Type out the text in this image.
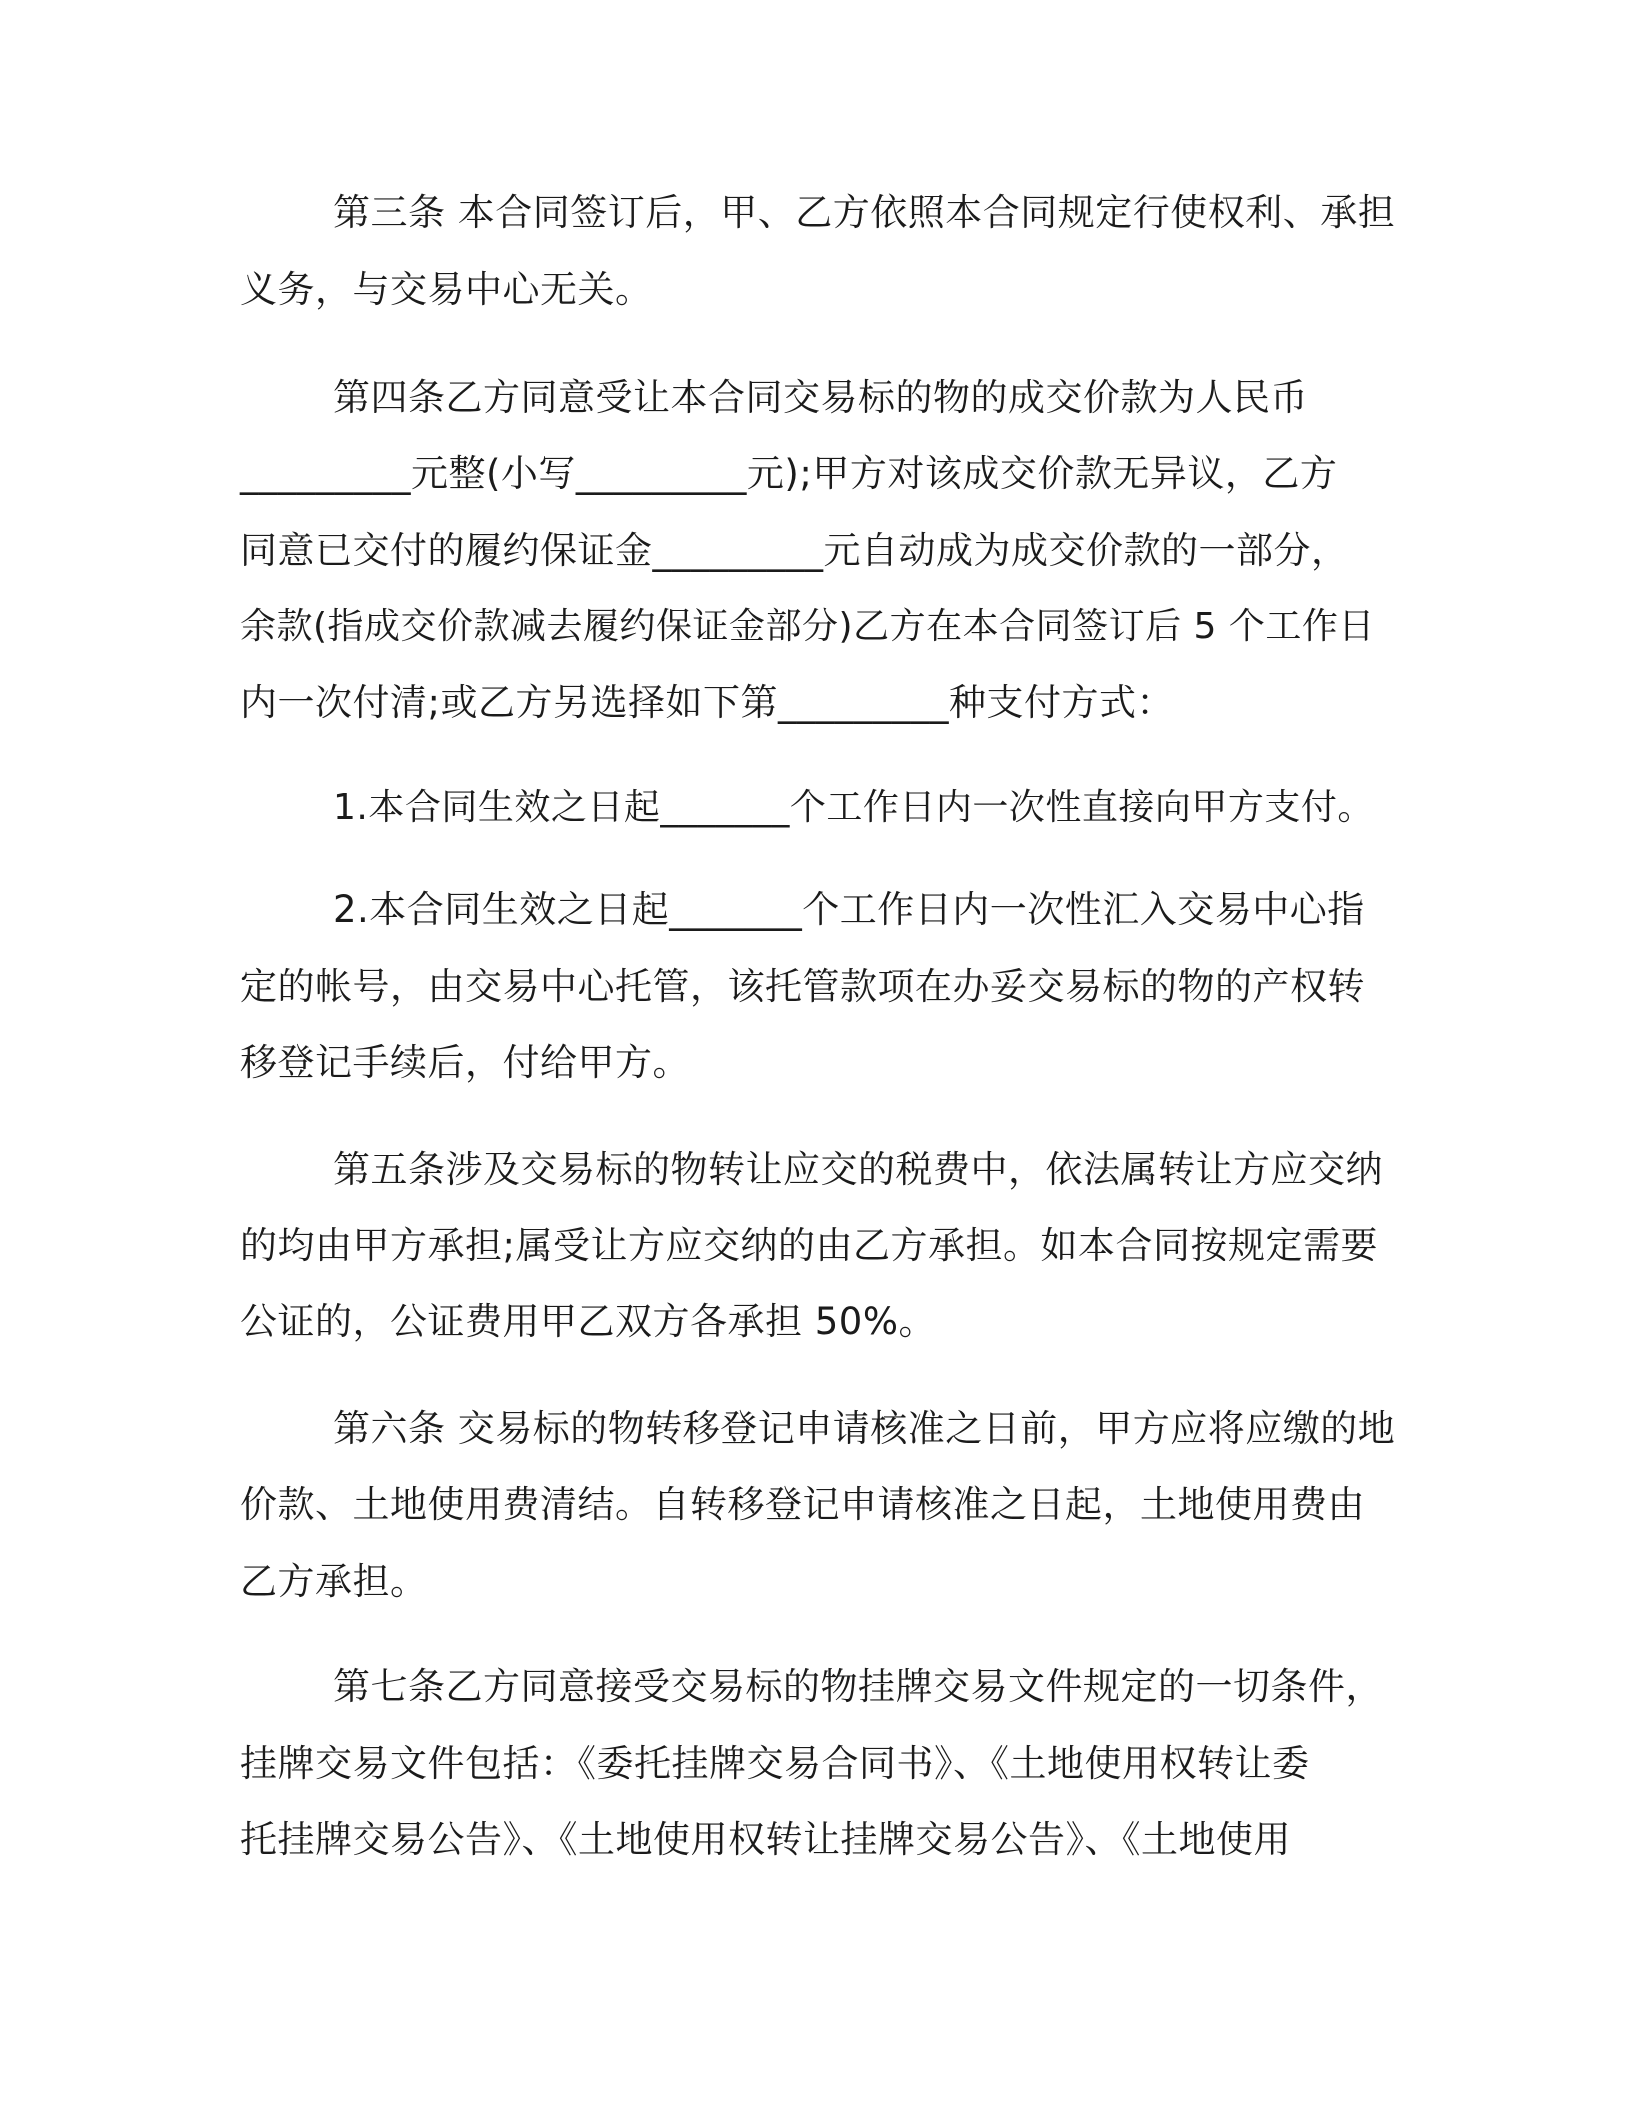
第三条 本合同签订后，甲、乙方依照本合同规定行使权利、承担

义务，与交易中心无关。

第四条乙方同意受让本合同交易标的物的成交价款为人民币

_________元整(小写_________元);甲方对该成交价款无异议，乙方

同意已交付的履约保证金_________元自动成为成交价款的一部分，

余款(指成交价款减去履约保证金部分)乙方在本合同签订后 5 个工作日

内一次付清;或乙方另选择如下第_________种支付方式：

1.本合同生效之日起_______个工作日内一次性直接向甲方支付。

2.本合同生效之日起_______个工作日内一次性汇入交易中心指

定的帐号，由交易中心托管，该托管款项在办妥交易标的物的产权转

移登记手续后，付给甲方。

第五条涉及交易标的物转让应交的税费中，依法属转让方应交纳

的均由甲方承担;属受让方应交纳的由乙方承担。如本合同按规定需要

公证的，公证费用甲乙双方各承担 50%。

第六条 交易标的物转移登记申请核准之日前，甲方应将应缴的地

价款、土地使用费清结。自转移登记申请核准之日起，土地使用费由

乙方承担。

第七条乙方同意接受交易标的物挂牌交易文件规定的一切条件，

挂牌交易文件包括：《委托挂牌交易合同书》、《土地使用权转让委

托挂牌交易公告》、《土地使用权转让挂牌交易公告》、《土地使用
